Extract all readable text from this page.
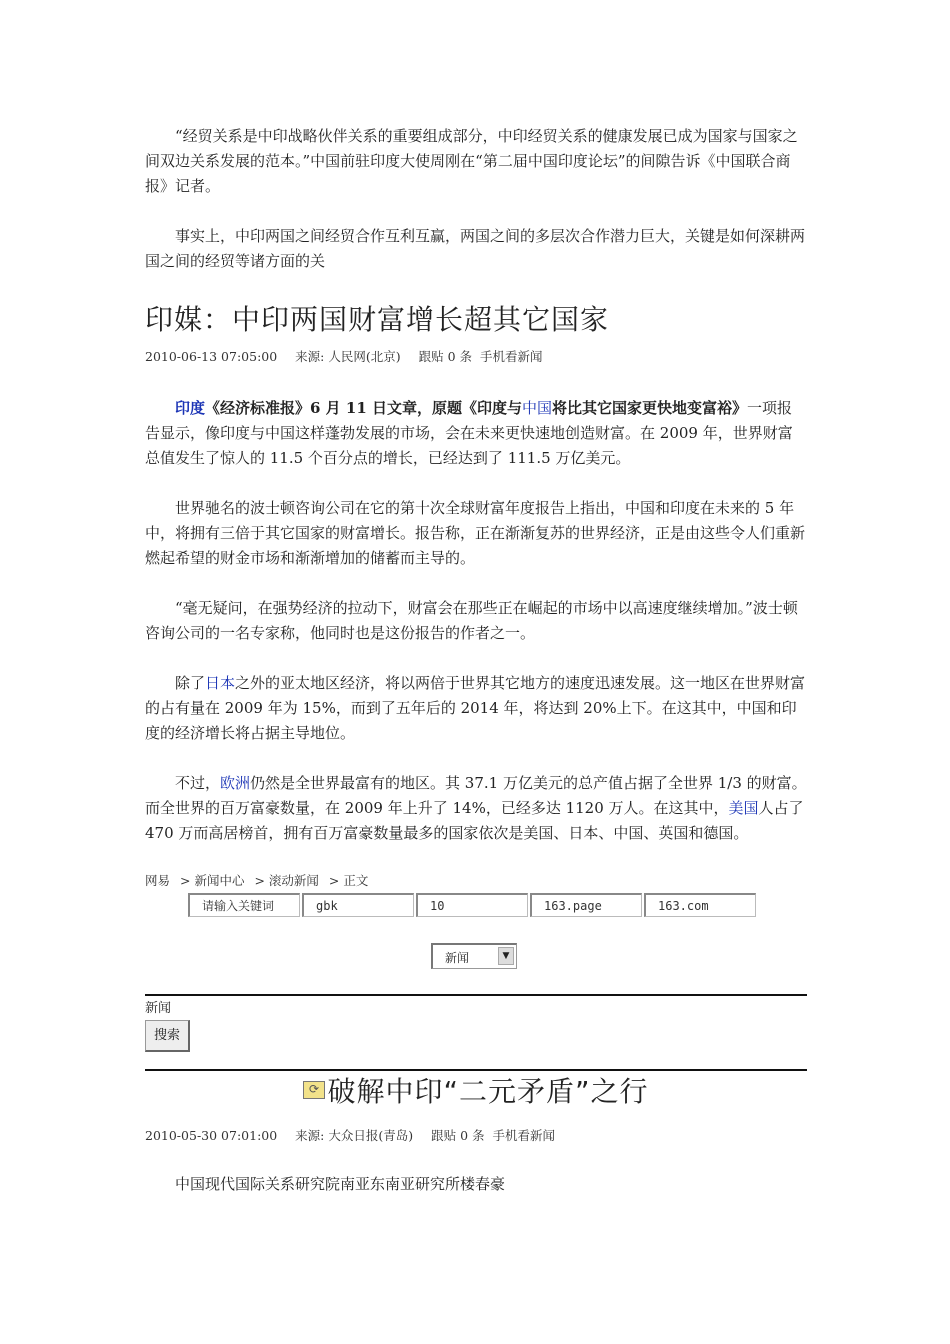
“经贸关系是中印战略伙伴关系的重要组成部分，中印经贸关系的健康发展已成为国家与国家之间双边关系发展的范本。”中国前驻印度大使周刚在“第二届中国印度论坛”的间隙告诉《中国联合商报》记者。

事实上，中印两国之间经贸合作互利互赢，两国之间的多层次合作潜力巨大，关键是如何深耕两国之间的经贸等诸方面的关

印媒：中印两国财富增长超其它国家
2010-06-13 07:05:00 来源: 人民网(北京) 跟贴 0 条 手机看新闻

印度《经济标准报》6 月 11 日文章，原题《印度与中国将比其它国家更快地变富裕》一项报告显示，像印度与中国这样蓬勃发展的市场，会在未来更快速地创造财富。在 2009 年，世界财富总值发生了惊人的 11.5 个百分点的增长，已经达到了 111.5 万亿美元。

世界驰名的波士顿咨询公司在它的第十次全球财富年度报告上指出，中国和印度在未来的 5 年中，将拥有三倍于其它国家的财富增长。报告称，正在渐渐复苏的世界经济，正是由这些令人们重新燃起希望的财金市场和渐渐增加的储蓄而主导的。

“毫无疑问，在强势经济的拉动下，财富会在那些正在崛起的市场中以高速度继续增加。”波士顿咨询公司的一名专家称，他同时也是这份报告的作者之一。

除了日本之外的亚太地区经济，将以两倍于世界其它地方的速度迅速发展。这一地区在世界财富的占有量在 2009 年为 15%，而到了五年后的 2014 年，将达到 20%上下。在这其中，中国和印度的经济增长将占据主导地位。

不过，欧洲仍然是全世界最富有的地区。其 37.1 万亿美元的总产值占据了全世界 1/3 的财富。而全世界的百万富豪数量，在 2009 年上升了 14%，已经多达 1120 万人。在这其中，美国人占了 470 万而高居榜首，拥有百万富豪数量最多的国家依次是美国、日本、中国、英国和德国。

网易 > 新闻中心 > 滚动新闻 > 正文
请输入关键词	gbk	10	163.page	163.com
新闻	▼
新闻
搜索
⟳ 破解中印“二元矛盾”之行
2010-05-30 07:01:00 来源: 大众日报(青岛) 跟贴 0 条 手机看新闻

中国现代国际关系研究院南亚东南亚研究所楼春豪
